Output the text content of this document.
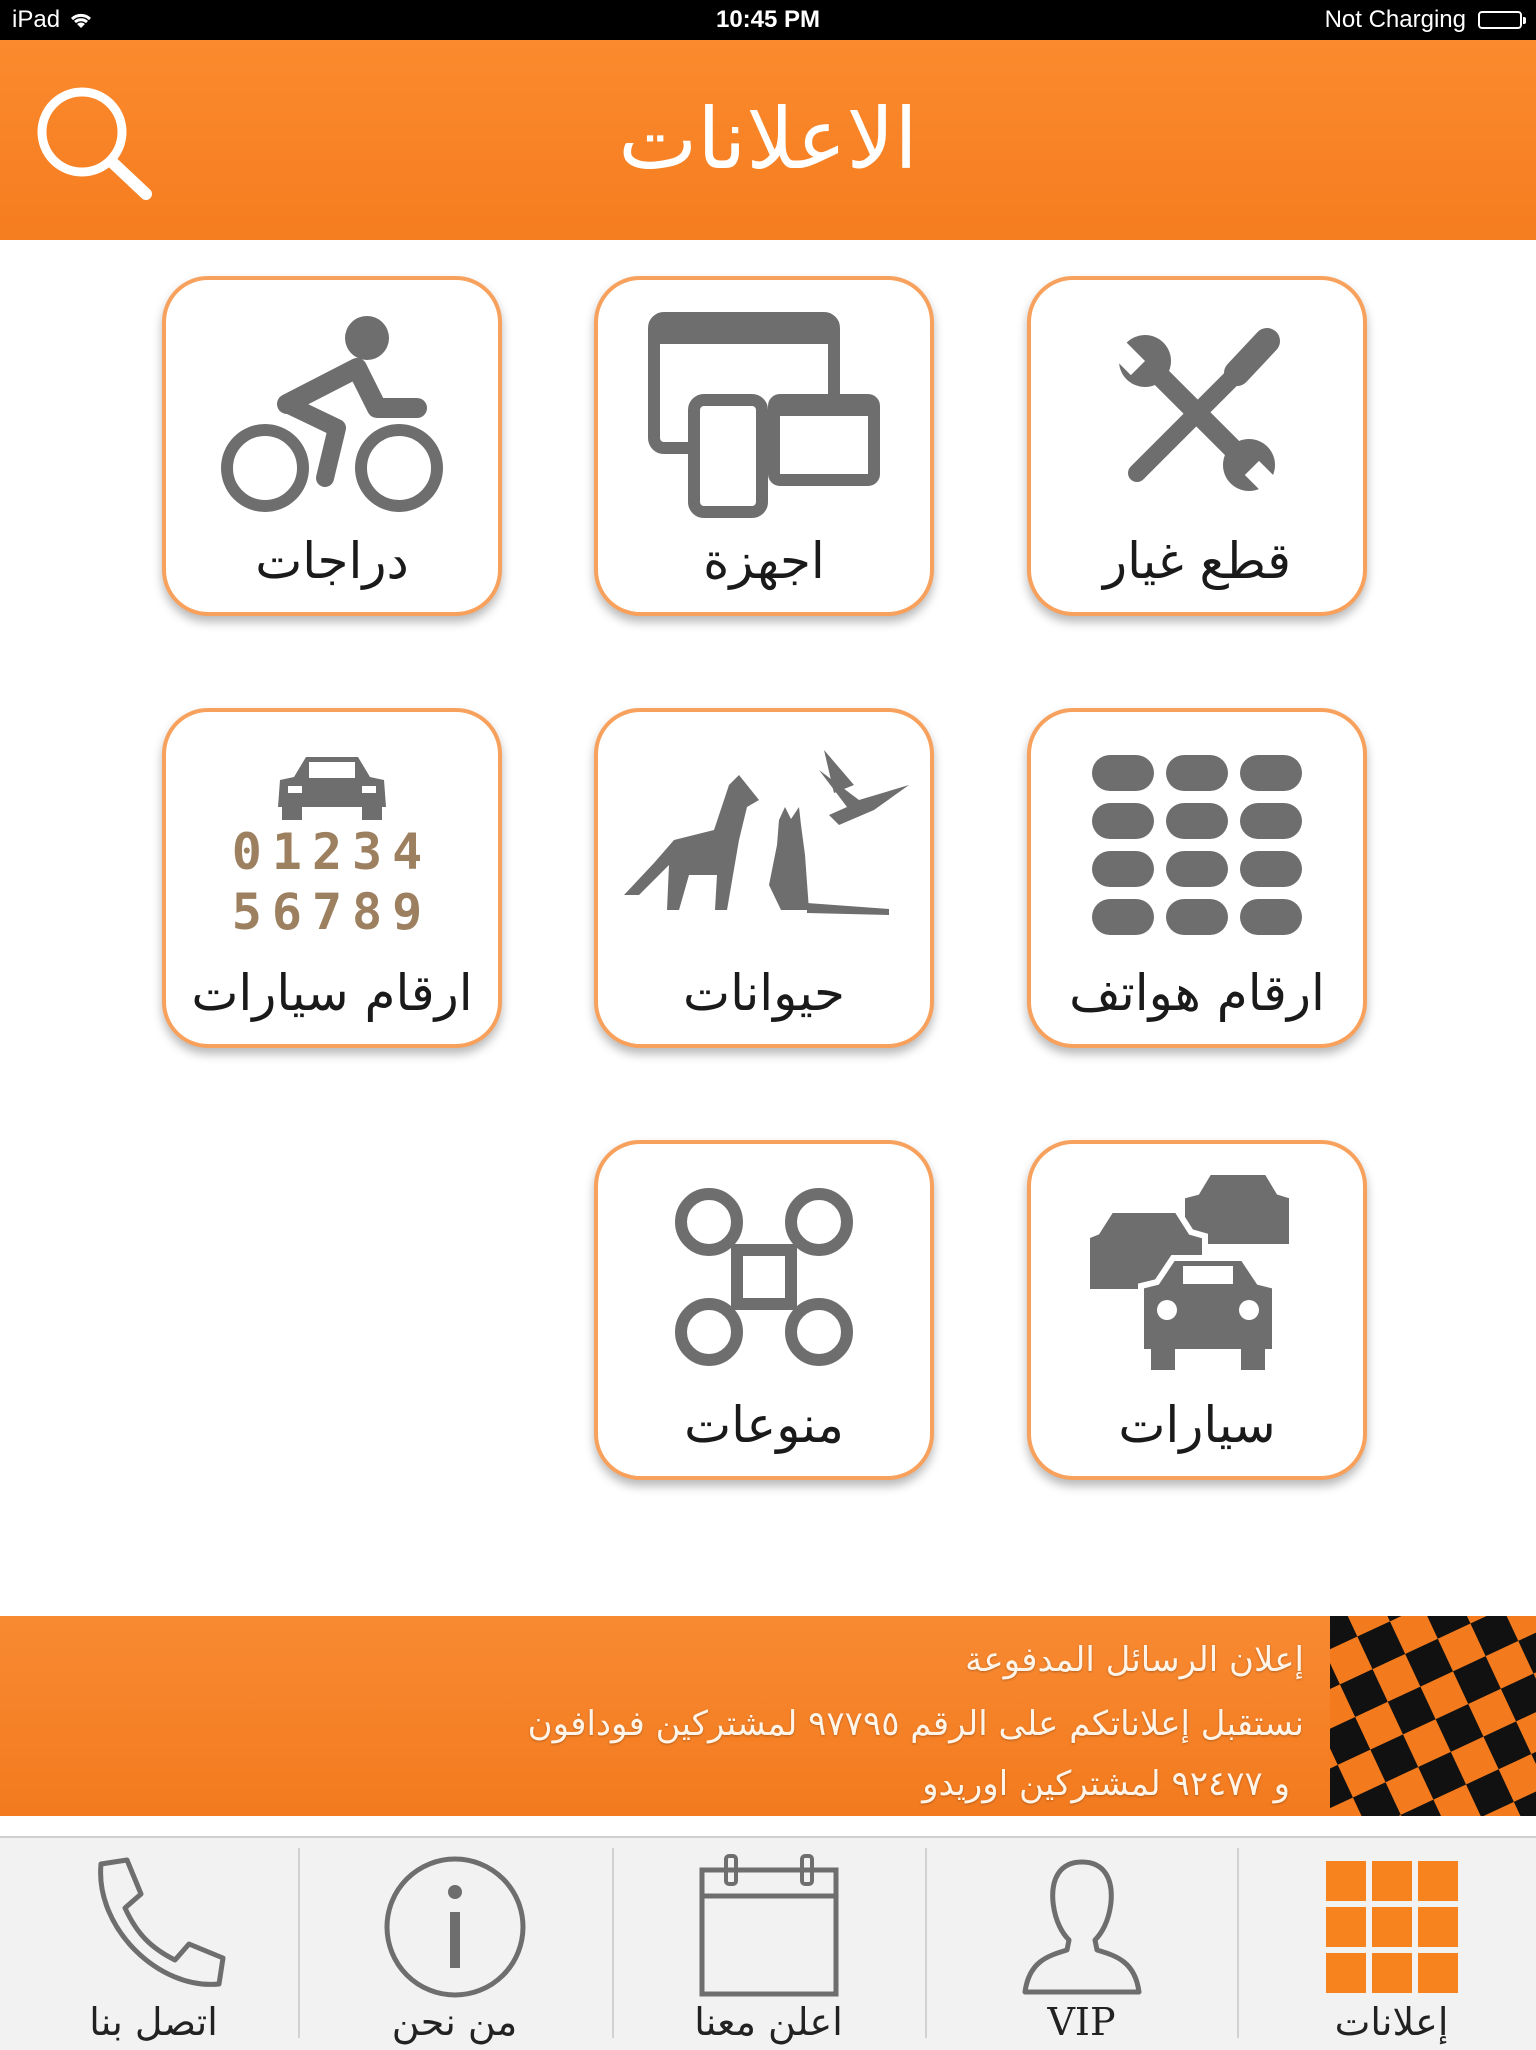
iPad	10:45 PM	Not Charging
الاعلانات
قطع غيار
اجهزة
دراجات
ارقام هواتف
حيوانات
01234
56789
ارقام سيارات
سيارات
منوعات
إعلان الرسائل المدفوعة
نستقبل إعلاناتكم على الرقم ٩٧٧٩٥ لمشتركين فودافون
و ٩٢٤٧٧ لمشتركين اوريدو
اتصل بنا	من نحن	اعلن معنا	VIP	إعلانات
